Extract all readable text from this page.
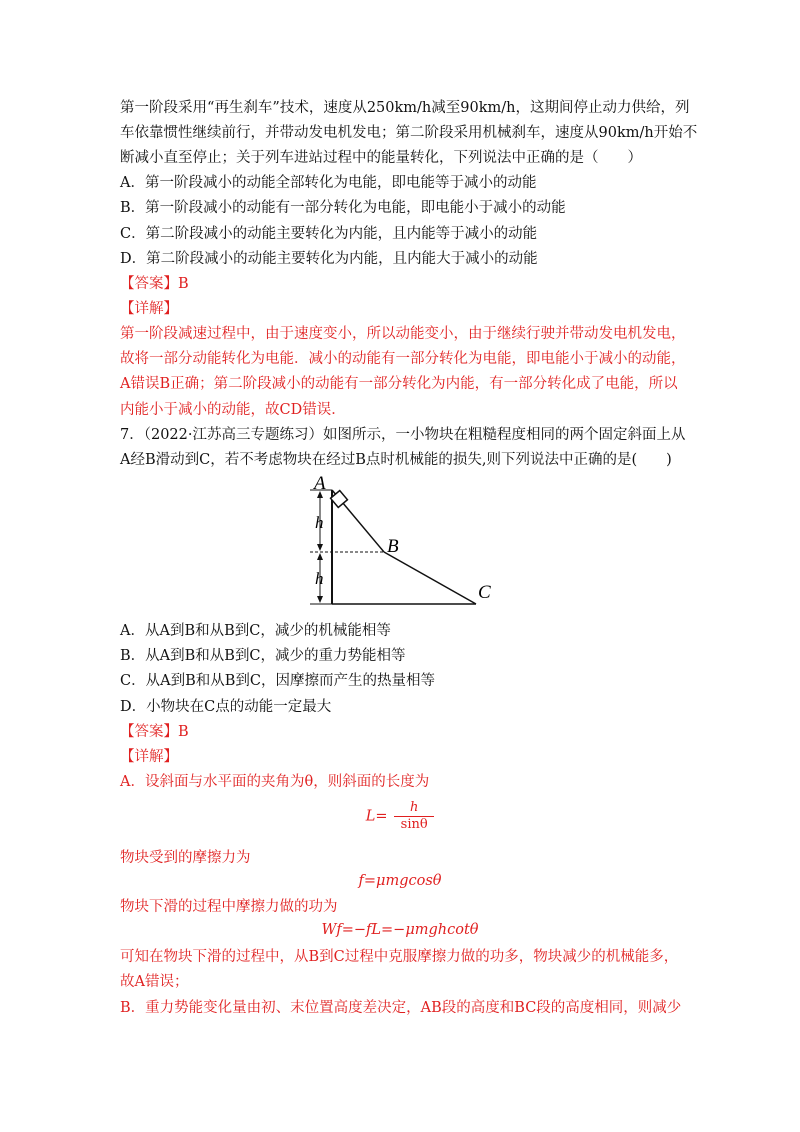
第一阶段采用“再生刹车”技术，速度从250km/h减至90km/h，这期间停止动力供给，列
车依靠惯性继续前行，并带动发电机发电；第二阶段采用机械刹车，速度从90km/h开始不
断减小直至停止；关于列车进站过程中的能量转化，下列说法中正确的是（　　）
A．第一阶段减小的动能全部转化为电能，即电能等于减小的动能
B．第一阶段减小的动能有一部分转化为电能，即电能小于减小的动能
C．第二阶段减小的动能主要转化为内能，且内能等于减小的动能
D．第二阶段减小的动能主要转化为内能，且内能大于减小的动能
【答案】B
【详解】
第一阶段减速过程中，由于速度变小，所以动能变小，由于继续行驶并带动发电机发电，
故将一部分动能转化为电能．减小的动能有一部分转化为电能，即电能小于减小的动能，
A错误B正确；第二阶段减小的动能有一部分转化为内能，有一部分转化成了电能，所以
内能小于减小的动能，故CD错误．
7．（2022·江苏高三专题练习）如图所示，一小物块在粗糙程度相同的两个固定斜面上从
A经B滑动到C，若不考虑物块在经过B点时机械能的损失,则下列说法中正确的是(　　)
A
B
C
h
h
A．从A到B和从B到C，减少的机械能相等
B．从A到B和从B到C，减少的重力势能相等
C．从A到B和从B到C，因摩擦而产生的热量相等
D．小物块在C点的动能一定最大
【答案】B
【详解】
A．设斜面与水平面的夹角为θ，则斜面的长度为
$L= \frac{h}{\sin\theta}$
物块受到的摩擦力为
f=μmgcosθ
物块下滑的过程中摩擦力做的功为
Wf=−fL=−μmghcotθ
可知在物块下滑的过程中，从B到C过程中克服摩擦力做的功多，物块减少的机械能多，
故A错误；
B．重力势能变化量由初、末位置高度差决定，AB段的高度和BC段的高度相同，则减少
